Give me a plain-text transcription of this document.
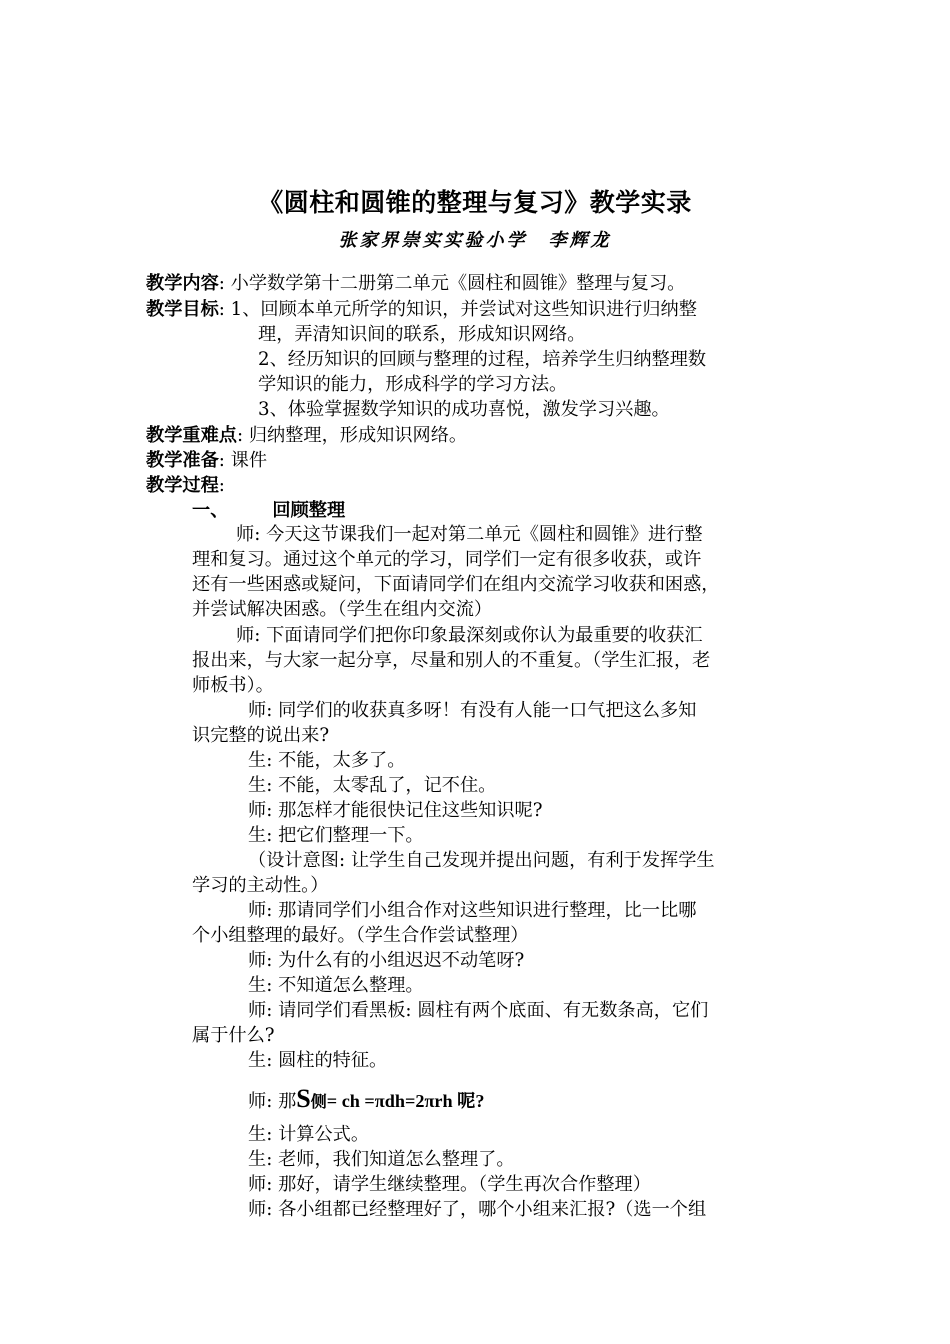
《圆柱和圆锥的整理与复习》教学实录
张家界崇实实验小学　李辉龙
教学内容: 小学数学第十二册第二单元《圆柱和圆锥》整理与复习。
教学目标: 1、回顾本单元所学的知识，并尝试对这些知识进行归纳整
理，弄清知识间的联系，形成知识网络。
2、经历知识的回顾与整理的过程，培养学生归纳整理数
学知识的能力，形成科学的学习方法。
3、体验掌握数学知识的成功喜悦，激发学习兴趣。
教学重难点: 归纳整理，形成知识网络。
教学准备: 课件
教学过程:
一、 回顾整理
师: 今天这节课我们一起对第二单元《圆柱和圆锥》进行整
理和复习。通过这个单元的学习，同学们一定有很多收获，或许
还有一些困惑或疑问，下面请同学们在组内交流学习收获和困惑，
并尝试解决困惑。（学生在组内交流）
师: 下面请同学们把你印象最深刻或你认为最重要的收获汇
报出来，与大家一起分享，尽量和别人的不重复。（学生汇报，老
师板书）。
师: 同学们的收获真多呀！有没有人能一口气把这么多知
识完整的说出来?
生: 不能，太多了。
生: 不能，太零乱了，记不住。
师: 那怎样才能很快记住这些知识呢?
生: 把它们整理一下。
（设计意图: 让学生自己发现并提出问题，有利于发挥学生
学习的主动性。）
师: 那请同学们小组合作对这些知识进行整理，比一比哪
个小组整理的最好。（学生合作尝试整理）
师: 为什么有的小组迟迟不动笔呀?
生: 不知道怎么整理。
师: 请同学们看黑板: 圆柱有两个底面、有无数条高，它们
属于什么?
生: 圆柱的特征。
师: 那S侧= ch =πdh=2πrh 呢?
生: 计算公式。
生: 老师，我们知道怎么整理了。
师: 那好，请学生继续整理。（学生再次合作整理）
师: 各小组都已经整理好了，哪个小组来汇报?（选一个组
